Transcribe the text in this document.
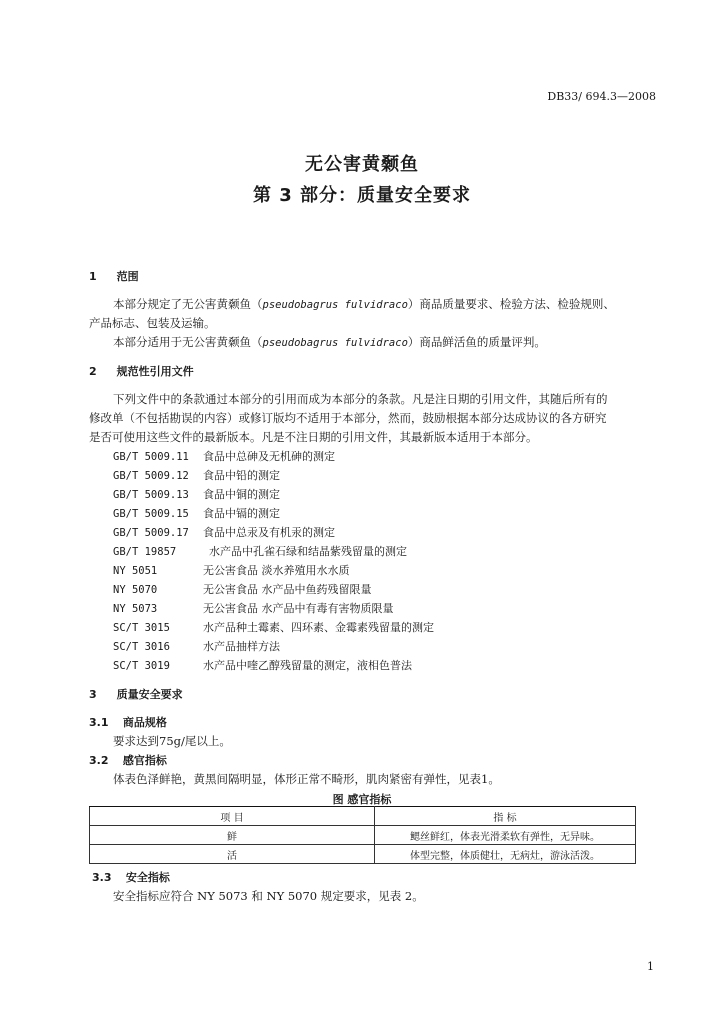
DB33/ 694.3—2008
无公害黄颡鱼
第 3 部分：质量安全要求
1 范围
本部分规定了无公害黄颡鱼（pseudobagrus fulvidraco）商品质量要求、检验方法、检验规则、
产品标志、包装及运输。
本部分适用于无公害黄颡鱼（pseudobagrus fulvidraco）商品鲜活鱼的质量评判。
2 规范性引用文件
下列文件中的条款通过本部分的引用而成为本部分的条款。凡是注日期的引用文件，其随后所有的
修改单（不包括勘误的内容）或修订版均不适用于本部分，然而，鼓励根据本部分达成协议的各方研究
是否可使用这些文件的最新版本。凡是不注日期的引用文件，其最新版本适用于本部分。
GB/T 5009.11 食品中总砷及无机砷的测定
GB/T 5009.12 食品中铅的测定
GB/T 5009.13 食品中铜的测定
GB/T 5009.15 食品中镉的测定
GB/T 5009.17 食品中总汞及有机汞的测定
GB/T 19857	水产品中孔雀石绿和结晶紫残留量的测定
NY 5051	无公害食品 淡水养殖用水水质
NY 5070	无公害食品 水产品中鱼药残留限量
NY 5073	无公害食品 水产品中有毒有害物质限量
SC/T 3015	水产品种土霉素、四环素、金霉素残留量的测定
SC/T 3016	水产品抽样方法
SC/T 3019	水产品中喹乙醇残留量的测定，液相色普法
3 质量安全要求
3.1 商品规格
要求达到75g/尾以上。
3.2 感官指标
体表色泽鲜艳，黄黑间隔明显，体形正常不畸形，肌肉紧密有弹性，见表1。
图 感官指标
项 目	指 标
鲜	鳃丝鲜红，体表光滑柔软有弹性，无异味。
活	体型完整，体质健壮，无病灶，游泳活泼。
3.3 安全指标
安全指标应符合 NY 5073 和 NY 5070 规定要求，见表 2。
1
